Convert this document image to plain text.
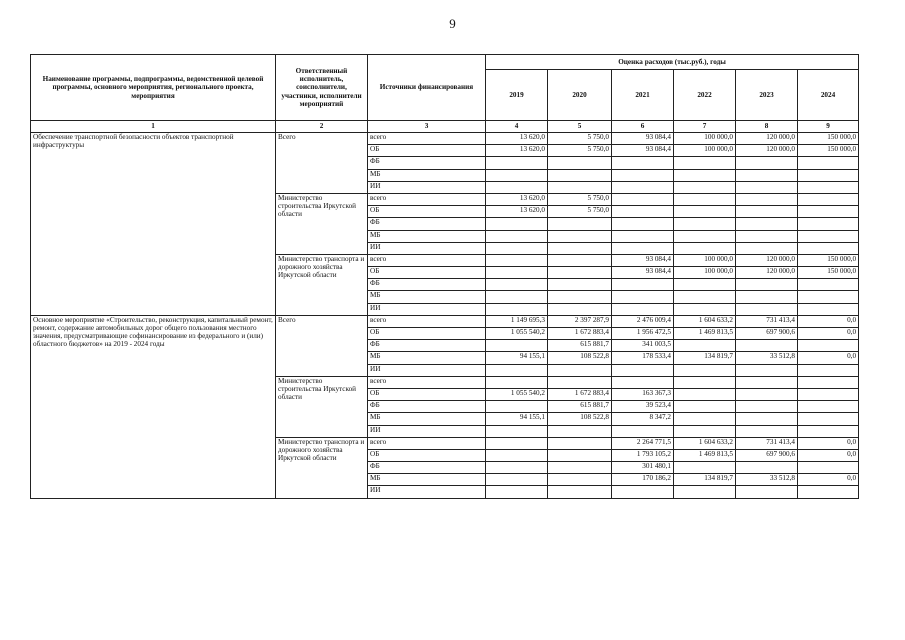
9
Наименование программы, подпрограммы, ведомственной целевой программы, основного мероприятия, регионального проекта, мероприятия	Ответственный исполнитель, соисполнители, участники, исполнители мероприятий	Источники финансирования	Оценка расходов (тыс.руб.), годы					
			2019	2020	2021	2022	2023	2024
1	2	3	4	5	6	7	8	9
Обеспечение транспортной безопасности объектов транспортной инфраструктуры	Всего	всего	13 620,0	5 750,0	93 084,4	100 000,0	120 000,0	150 000,0
		ОБ	13 620,0	5 750,0	93 084,4	100 000,0	120 000,0	150 000,0
		ФБ						
		МБ						
		ИИ						
	Министерство строительства Иркутской области	всего	13 620,0	5 750,0				
		ОБ	13 620,0	5 750,0				
		ФБ						
		МБ						
		ИИ						
	Министерство транспорта и дорожного хозяйства Иркутской области	всего			93 084,4	100 000,0	120 000,0	150 000,0
		ОБ			93 084,4	100 000,0	120 000,0	150 000,0
		ФБ						
		МБ						
		ИИ						
Основное мероприятие «Строительство, реконструкция, капитальный ремонт, ремонт, содержание автомобильных дорог общего пользования местного значения, предусматривающие софинансирование из федерального и (или) областного бюджетов» на 2019 - 2024 годы	Всего	всего	1 149 695,3	2 397 287,9	2 476 009,4	1 604 633,2	731 413,4	0,0
		ОБ	1 055 540,2	1 672 883,4	1 956 472,5	1 469 813,5	697 900,6	0,0
		ФБ		615 881,7	341 003,5			
		МБ	94 155,1	108 522,8	178 533,4	134 819,7	33 512,8	0,0
		ИИ						
	Министерство строительства Иркутской области	всего						
		ОБ	1 055 540,2	1 672 883,4	163 367,3			
		ФБ		615 881,7	39 523,4			
		МБ	94 155,1	108 522,8	8 347,2			
		ИИ						
	Министерство транспорта и дорожного хозяйства Иркутской области	всего			2 264 771,5	1 604 633,2	731 413,4	0,0
		ОБ			1 793 105,2	1 469 813,5	697 900,6	0,0
		ФБ			301 480,1			
		МБ			170 186,2	134 819,7	33 512,8	0,0
		ИИ						
